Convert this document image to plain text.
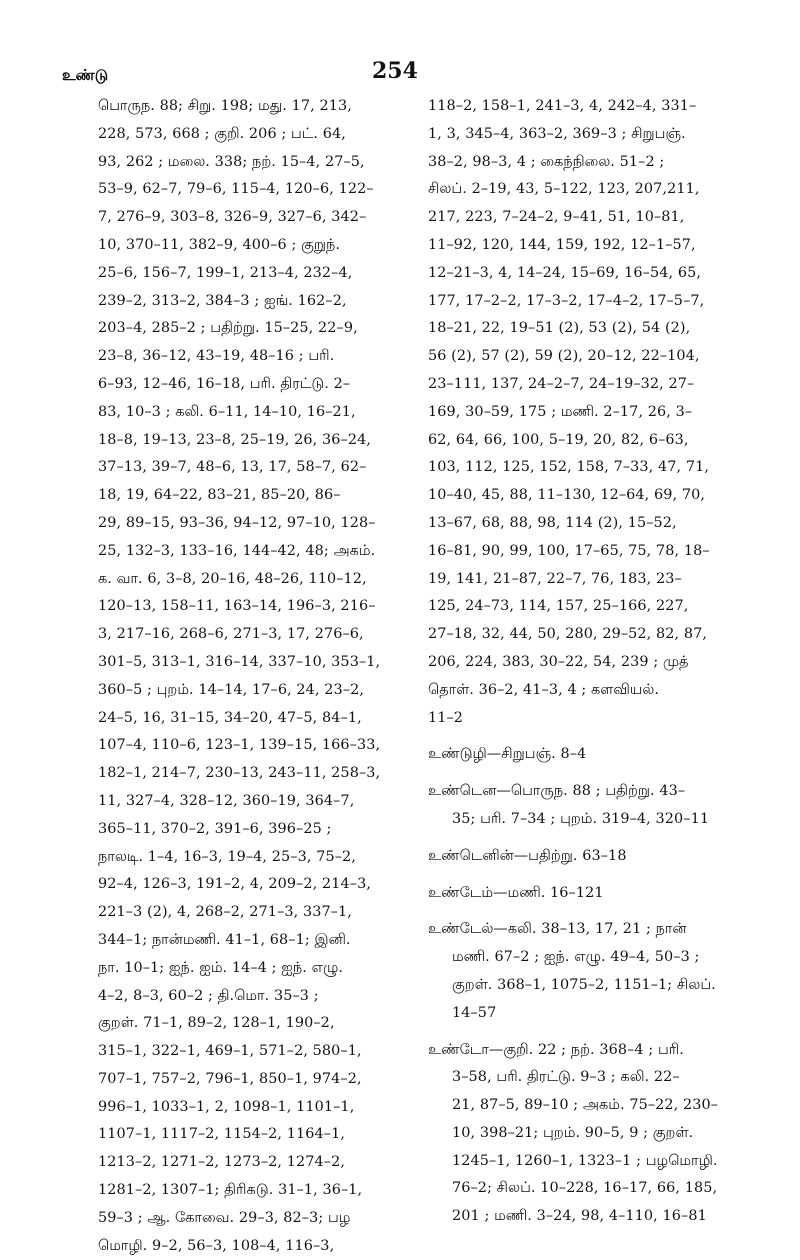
உண்டு	254
பொருந. 88; சிறு. 198; மது. 17, 213,
228, 573, 668 ; குறி. 206 ; பட். 64,
93, 262 ; மலை. 338; நற். 15–4, 27–5,
53–9, 62–7, 79–6, 115–4, 120–6, 122–
7, 276–9, 303–8, 326–9, 327–6, 342–
10, 370–11, 382–9, 400–6 ; குறுந்.
25–6, 156–7, 199–1, 213–4, 232–4,
239–2, 313–2, 384–3 ; ஐங். 162–2,
203–4, 285–2 ; பதிற்று. 15–25, 22–9,
23–8, 36–12, 43–19, 48–16 ; பரி.
6–93, 12–46, 16–18, பரி. திரட்டு. 2–
83, 10–3 ; கலி. 6–11, 14–10, 16–21,
18–8, 19–13, 23–8, 25–19, 26, 36–24,
37–13, 39–7, 48–6, 13, 17, 58–7, 62–
18, 19, 64–22, 83–21, 85–20, 86–
29, 89–15, 93–36, 94–12, 97–10, 128–
25, 132–3, 133–16, 144–42, 48; அகம்.
க. வா. 6, 3–8, 20–16, 48–26, 110–12,
120–13, 158–11, 163–14, 196–3, 216–
3, 217–16, 268–6, 271–3, 17, 276–6,
301–5, 313–1, 316–14, 337–10, 353–1,
360–5 ; புறம். 14–14, 17–6, 24, 23–2,
24–5, 16, 31–15, 34–20, 47–5, 84–1,
107–4, 110–6, 123–1, 139–15, 166–33,
182–1, 214–7, 230–13, 243–11, 258–3,
11, 327–4, 328–12, 360–19, 364–7,
365–11, 370–2, 391–6, 396–25 ;
நாலடி. 1–4, 16–3, 19–4, 25–3, 75–2,
92–4, 126–3, 191–2, 4, 209–2, 214–3,
221–3 (2), 4, 268–2, 271–3, 337–1,
344–1; நான்மணி. 41–1, 68–1; இனி.
நா. 10–1; ஐந். ஐம். 14–4 ; ஐந். எழு.
4–2, 8–3, 60–2 ; தி.மொ. 35–3 ;
குறள். 71–1, 89–2, 128–1, 190–2,
315–1, 322–1, 469–1, 571–2, 580–1,
707–1, 757–2, 796–1, 850–1, 974–2,
996–1, 1033–1, 2, 1098–1, 1101–1,
1107–1, 1117–2, 1154–2, 1164–1,
1213–2, 1271–2, 1273–2, 1274–2,
1281–2, 1307–1; திரிகடு. 31–1, 36–1,
59–3 ; ஆ. கோவை. 29–3, 82–3; பழ
மொழி. 9–2, 56–3, 108–4, 116–3,
118–2, 158–1, 241–3, 4, 242–4, 331–
1, 3, 345–4, 363–2, 369–3 ; சிறுபஞ்.
38–2, 98–3, 4 ; கைந்நிலை. 51–2 ;
சிலப். 2–19, 43, 5–122, 123, 207,211,
217, 223, 7–24–2, 9–41, 51, 10–81,
11–92, 120, 144, 159, 192, 12–1–57,
12–21–3, 4, 14–24, 15–69, 16–54, 65,
177, 17–2–2, 17–3–2, 17–4–2, 17–5–7,
18–21, 22, 19–51 (2), 53 (2), 54 (2),
56 (2), 57 (2), 59 (2), 20–12, 22–104,
23–111, 137, 24–2–7, 24–19–32, 27–
169, 30–59, 175 ; மணி. 2–17, 26, 3–
62, 64, 66, 100, 5–19, 20, 82, 6–63,
103, 112, 125, 152, 158, 7–33, 47, 71,
10–40, 45, 88, 11–130, 12–64, 69, 70,
13–67, 68, 88, 98, 114 (2), 15–52,
16–81, 90, 99, 100, 17–65, 75, 78, 18–
19, 141, 21–87, 22–7, 76, 183, 23–
125, 24–73, 114, 157, 25–166, 227,
27–18, 32, 44, 50, 280, 29–52, 82, 87,
206, 224, 383, 30–22, 54, 239 ; முத்
தொள். 36–2, 41–3, 4 ; களவியல்.
11–2
உண்டுழி—சிறுபஞ். 8–4
உண்டென—பொருந. 88 ; பதிற்று. 43–
35; பரி. 7–34 ; புறம். 319–4, 320–11
உண்டெனின்—பதிற்று. 63–18
உண்டேம்—மணி. 16–121
உண்டேல்—கலி. 38–13, 17, 21 ; நான்
மணி. 67–2 ; ஐந். எழு. 49–4, 50–3 ;
குறள். 368–1, 1075–2, 1151–1; சிலப்.
14–57
உண்டோ—குறி. 22 ; நற். 368–4 ; பரி.
3–58, பரி. திரட்டு. 9–3 ; கலி. 22–
21, 87–5, 89–10 ; அகம். 75–22, 230–
10, 398–21; புறம். 90–5, 9 ; குறள்.
1245–1, 1260–1, 1323–1 ; பழமொழி.
76–2; சிலப். 10–228, 16–17, 66, 185,
201 ; மணி. 3–24, 98, 4–110, 16–81
